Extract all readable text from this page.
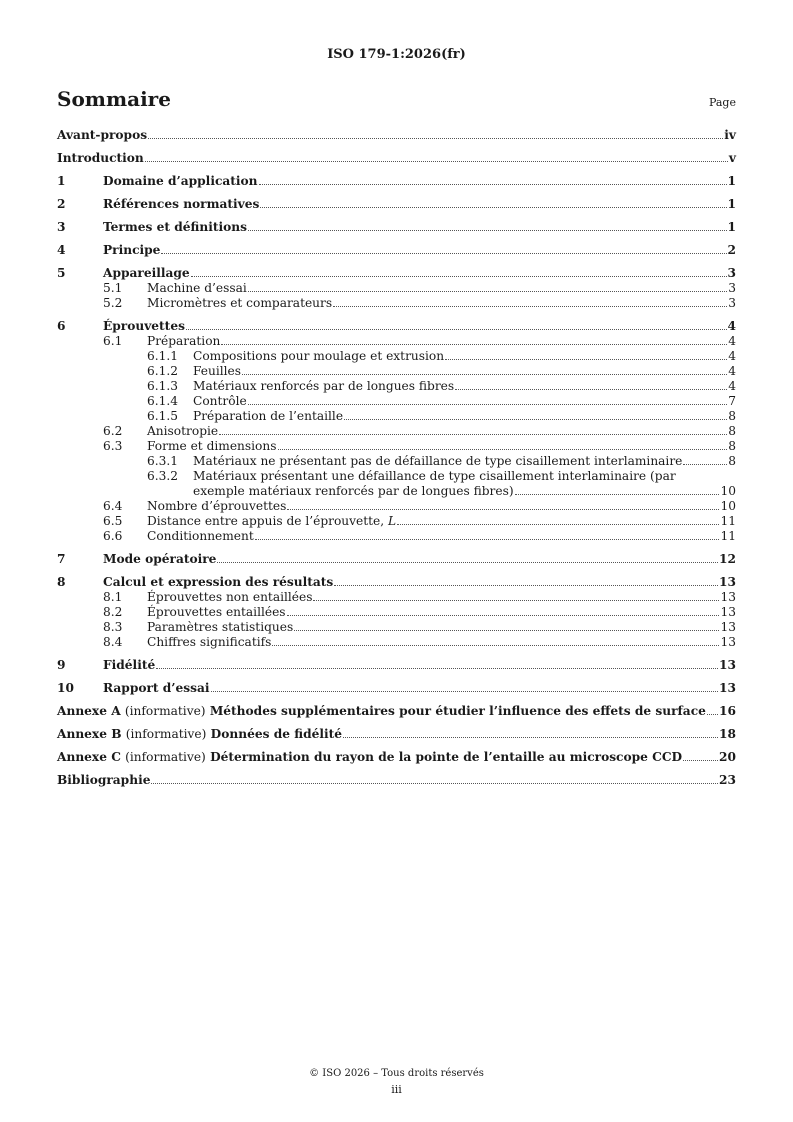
ISO 179-1:2026(fr)
Sommaire	Page
Avant-propos	iv
Introduction	v
1	Domaine d’application	1
2	Références normatives	1
3	Termes et définitions	1
4	Principe	2
5	Appareillage	3
5.1	Machine d’essai	3
5.2	Micromètres et comparateurs	3
6	Éprouvettes	4
6.1	Préparation	4
6.1.1	Compositions pour moulage et extrusion	4
6.1.2	Feuilles	4
6.1.3	Matériaux renforcés par de longues fibres	4
6.1.4	Contrôle	7
6.1.5	Préparation de l’entaille	8
6.2	Anisotropie	8
6.3	Forme et dimensions	8
6.3.1	Matériaux ne présentant pas de défaillance de type cisaillement interlaminaire	8
6.3.2	Matériaux présentant une défaillance de type cisaillement interlaminaire (par
exemple matériaux renforcés par de longues fibres)	10
6.4	Nombre d’éprouvettes	10
6.5	Distance entre appuis de l’éprouvette, L	11
6.6	Conditionnement	11
7	Mode opératoire	12
8	Calcul et expression des résultats	13
8.1	Éprouvettes non entaillées	13
8.2	Éprouvettes entaillées	13
8.3	Paramètres statistiques	13
8.4	Chiffres significatifs	13
9	Fidélité	13
10	Rapport d’essai	13
Annexe A (informative) Méthodes supplémentaires pour étudier l’influence des effets de surface 16
Annexe B (informative) Données de fidélité	18
Annexe C (informative) Détermination du rayon de la pointe de l’entaille au microscope CCD	20
Bibliographie	23
© ISO 2026 – Tous droits réservés
iii
